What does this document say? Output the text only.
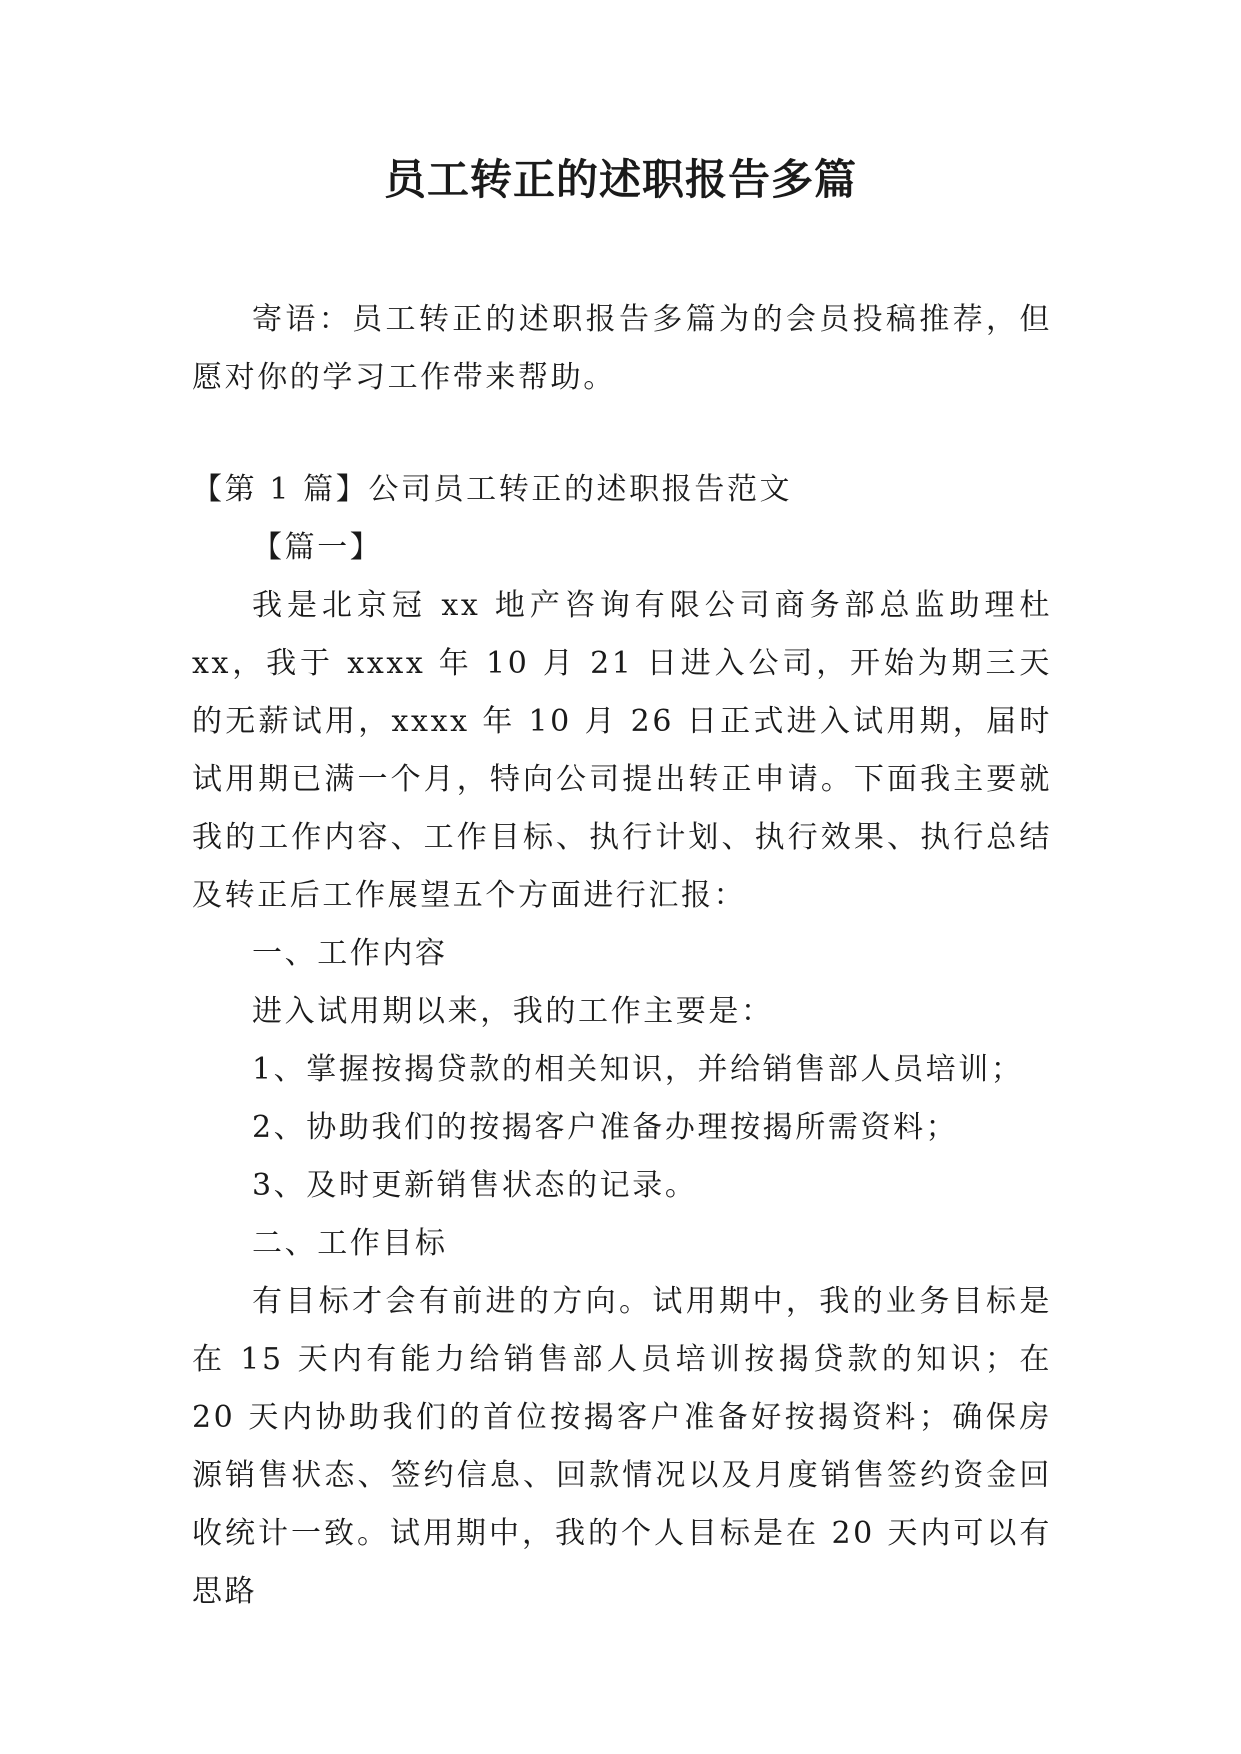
员工转正的述职报告多篇

寄语：员工转正的述职报告多篇为的会员投稿推荐，但愿对你的学习工作带来帮助。

【第 1 篇】公司员工转正的述职报告范文

【篇一】

我是北京冠 xx 地产咨询有限公司商务部总监助理杜 xx，我于 xxxx 年 10 月 21 日进入公司，开始为期三天的无薪试用，xxxx 年 10 月 26 日正式进入试用期，届时试用期已满一个月，特向公司提出转正申请。下面我主要就我的工作内容、工作目标、执行计划、执行效果、执行总结及转正后工作展望五个方面进行汇报：

一、工作内容

进入试用期以来，我的工作主要是：

1、掌握按揭贷款的相关知识，并给销售部人员培训；

2、协助我们的按揭客户准备办理按揭所需资料；

3、及时更新销售状态的记录。

二、工作目标

有目标才会有前进的方向。试用期中，我的业务目标是在 15 天内有能力给销售部人员培训按揭贷款的知识；在 20 天内协助我们的首位按揭客户准备好按揭资料；确保房源销售状态、签约信息、回款情况以及月度销售签约资金回收统计一致。试用期中，我的个人目标是在 20 天内可以有思路
